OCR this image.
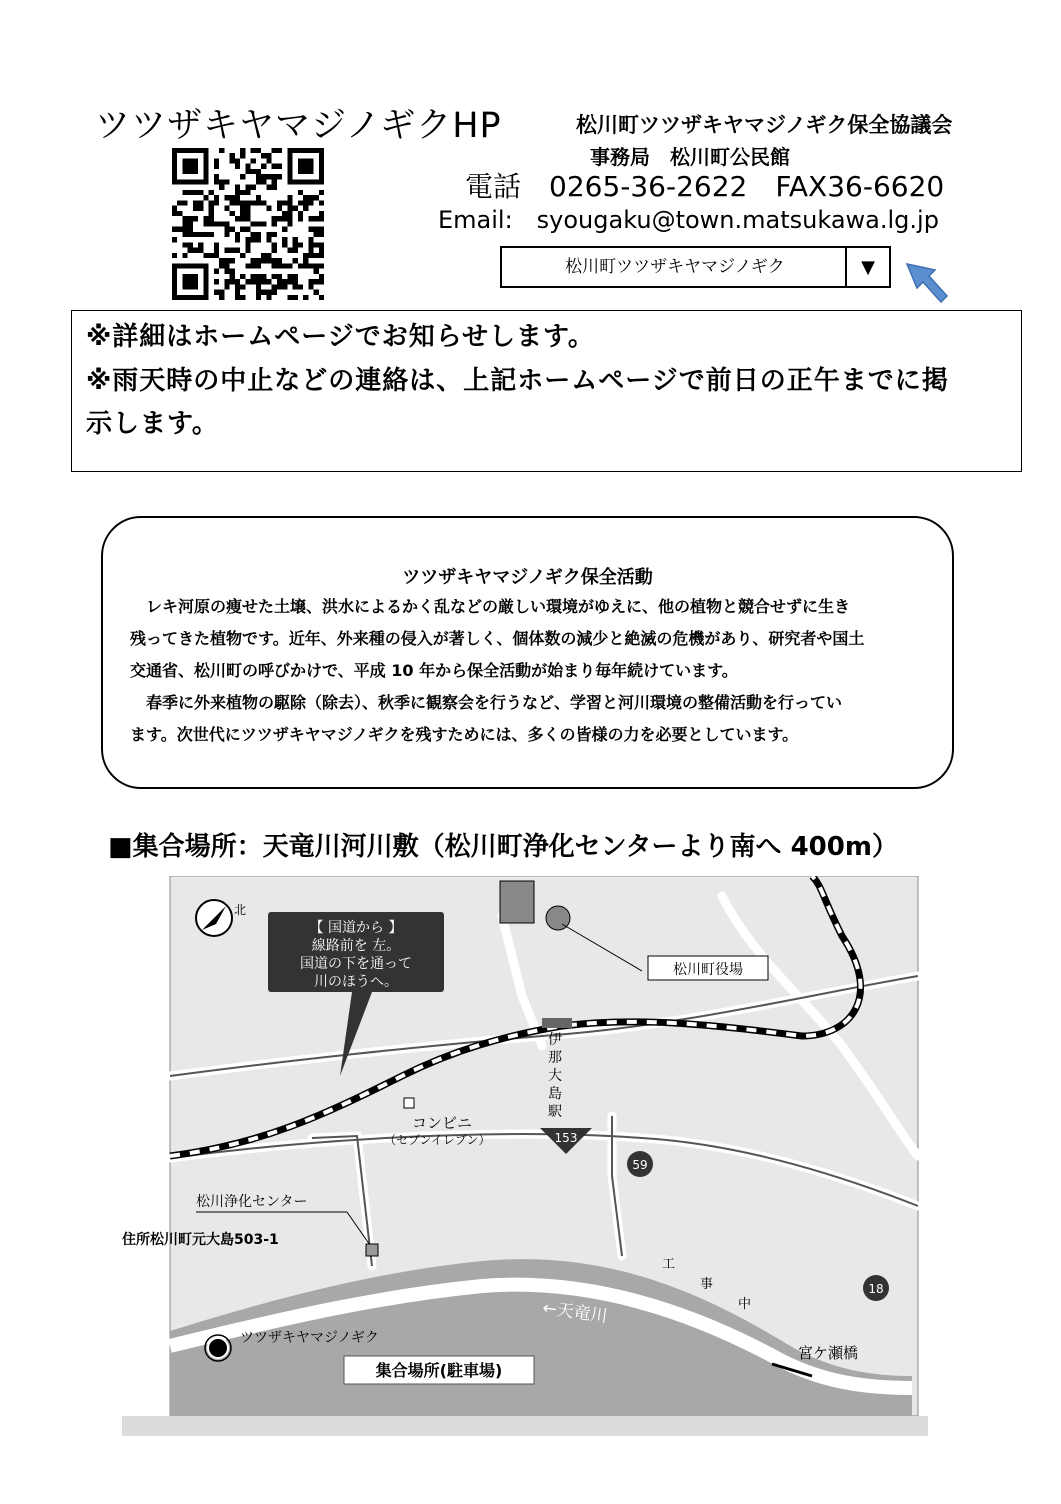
ツツザキヤマジノギクHP	松川町ツツザキヤマジノギク保全協議会
事務局　松川町公民館
電話　0265-36-2622　FAX36-6620
Email:　syougaku@town.matsukawa.lg.jp
松川町ツツザキヤマジノギク	▼
※詳細はホームページでお知らせします。
※雨天時の中止などの連絡は、上記ホームページで前日の正午までに掲
示します。
ツツザキヤマジノギク保全活動
　レキ河原の痩せた土壌、洪水によるかく乱などの厳しい環境がゆえに、他の植物と競合せずに生き
残ってきた植物です。近年、外来種の侵入が著しく、個体数の減少と絶滅の危機があり、研究者や国土
交通省、松川町の呼びかけで、平成 10 年から保全活動が始まり毎年続けています。
　春季に外来植物の駆除（除去）、秋季に観察会を行うなど、学習と河川環境の整備活動を行ってい
ます。次世代にツツザキヤマジノギクを残すためには、多くの皆様の力を必要としています。
■集合場所：天竜川河川敷（松川町浄化センターより南へ 400m）
北
【 国道から 】
線路前を 左。
国道の下を通って
川のほうへ。
松川町役場
伊
那
大
島
駅
コンビニ
（セブンイレブン）	153
59
18
松川浄化センター
住所松川町元大島503-1
工
事
中
←天竜川
ツツザキヤマジノギク
集合場所(駐車場)
宮ケ瀬橋
